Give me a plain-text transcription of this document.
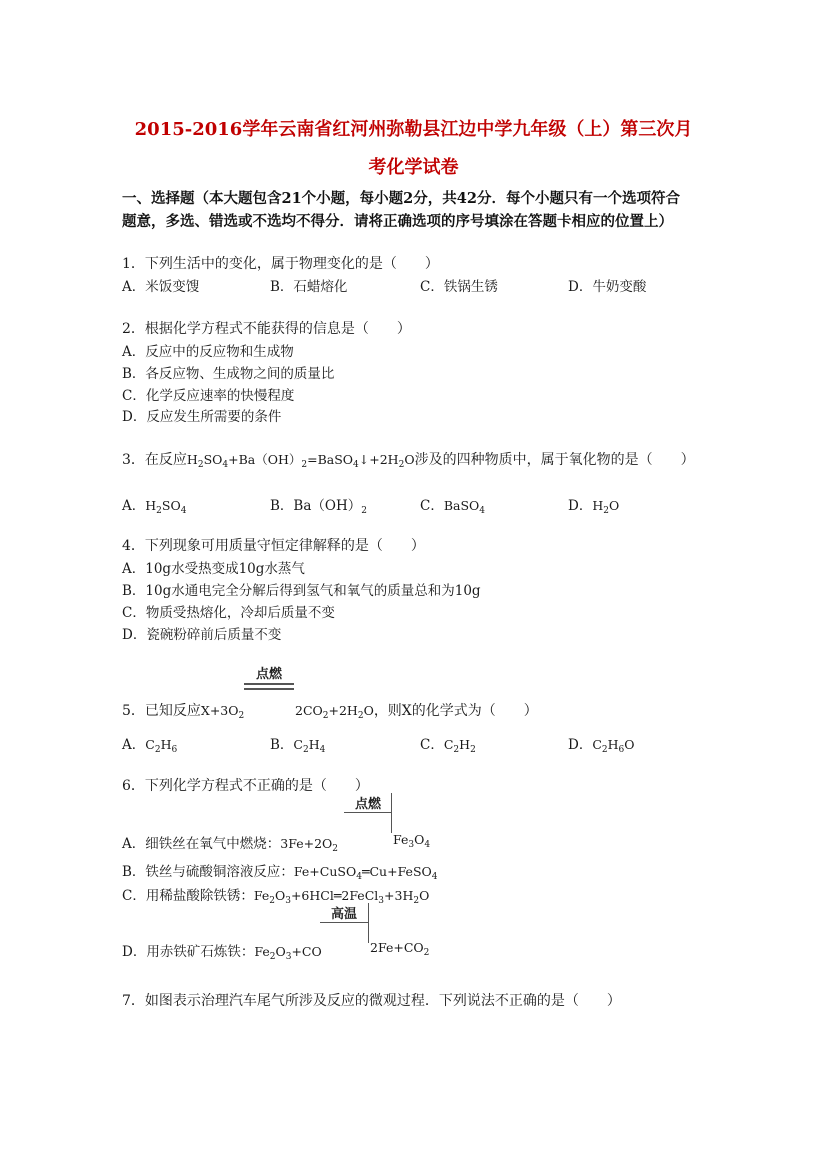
2015-2016学年云南省红河州弥勒县江边中学九年级（上）第三次月
考化学试卷
一、选择题（本大题包含21个小题，每小题2分，共42分．每个小题只有一个选项符合
题意，多选、错选或不选均不得分．请将正确选项的序号填涂在答题卡相应的位置上）
1．下列生活中的变化，属于物理变化的是（　　）
A．米饭变馊	B．石蜡熔化	C．铁锅生锈	D．牛奶变酸
2．根据化学方程式不能获得的信息是（　　）
A．反应中的反应物和生成物
B．各反应物、生成物之间的质量比
C．化学反应速率的快慢程度
D．反应发生所需要的条件
3．在反应$H_2SO_4+Ba(OH)_2=BaSO_4↓+2H_2O$涉及的四种物质中，属于氧化物的是（　　）
A．$H_2SO_4$	B．$Ba(OH)_2$	C．BaSO$_4$	D．$H_2O$
4．下列现象可用质量守恒定律解释的是（　　）
A．10g水受热变成10g水蒸气
B．10g水通电完全分解后得到氢气和氧气的质量总和为10g
C．物质受热熔化，冷却后质量不变
D．瓷碗粉碎前后质量不变
点燃
5．已知反应$X+3O_2$	$2CO_2+2H_2O$，则X的化学式为（　　）
A．$C_2H_6$	B．$C_2H_4$	C．$C_2H_2$	D．$C_2H_6O$
6．下列化学方程式不正确的是（　　）
点燃
A．细铁丝在氧气中燃烧：$3Fe+2O_2$
$Fe_3O_4$
B．铁丝与硫酸铜溶液反应：Fe+CuSO$_4$═Cu+FeSO$_4$
C．用稀盐酸除铁锈：$Fe_2O_3+6HCl═2FeCl_3+3H_2O$
高温
D．用赤铁矿石炼铁：$Fe_2O_3+CO$	$2Fe+CO_2$
7．如图表示治理汽车尾气所涉及反应的微观过程．下列说法不正确的是（　　）
